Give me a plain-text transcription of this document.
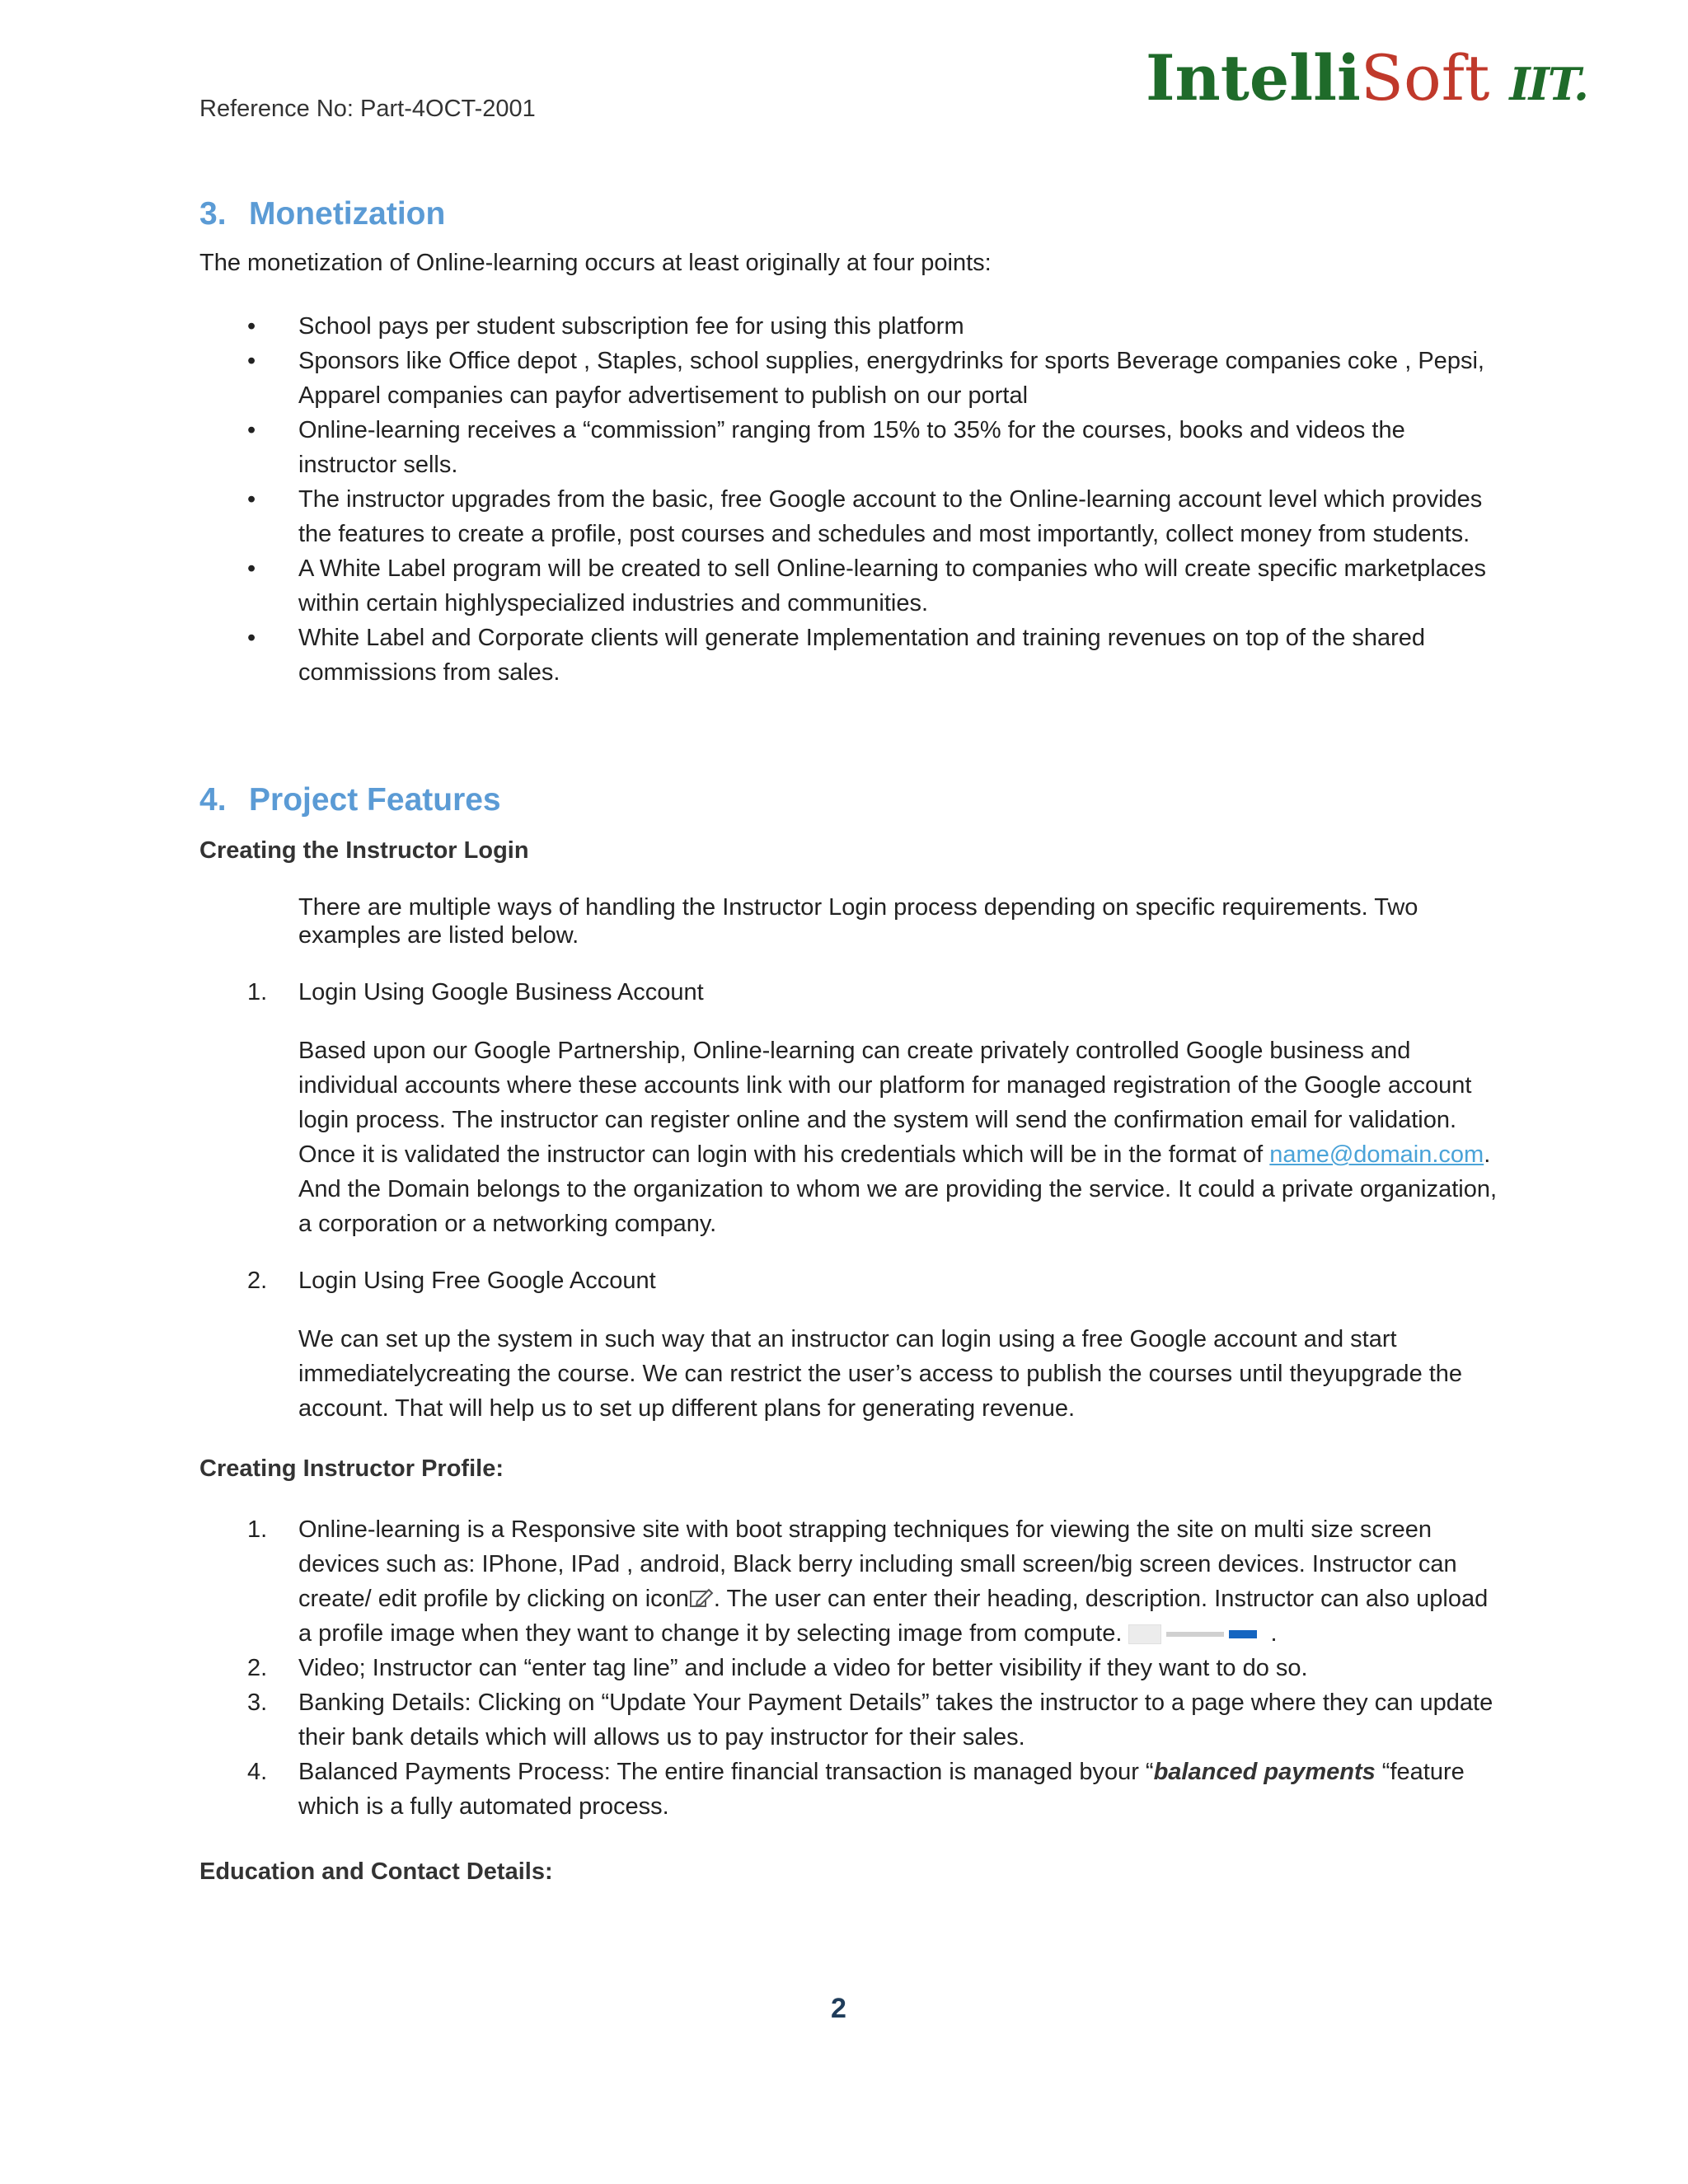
Reference No: Part-4OCT-2001	Intelli Soft IIT.
3. Monetization
The monetization of Online-learning occurs at least originally at four points:
•	School pays per student subscription fee for using this platform
•	Sponsors like Office depot , Staples, school supplies, energydrinks for sports Beverage companies coke , Pepsi, Apparel companies can payfor advertisement to publish on our portal
•	Online-learning receives a “commission” ranging from 15% to 35% for the courses, books and videos the instructor sells.
•	The instructor upgrades from the basic, free Google account to the Online-learning account level which provides the features to create a profile, post courses and schedules and most importantly, collect money from students.
•	A White Label program will be created to sell Online-learning to companies who will create specific marketplaces within certain highlyspecialized industries and communities.
•	White Label and Corporate clients will generate Implementation and training revenues on top of the shared commissions from sales.
4. Project Features
Creating the Instructor Login
There are multiple ways of handling the Instructor Login process depending on specific requirements. Two examples are listed below.
1. Login Using Google Business Account
Based upon our Google Partnership, Online-learning can create privately controlled Google business and individual accounts where these accounts link with our platform for managed registration of the Google account login process. The instructor can register online and the system will send the confirmation email for validation. Once it is validated the instructor can login with his credentials which will be in the format of name@domain.com. And the Domain belongs to the organization to whom we are providing the service. It could a private organization, a corporation or a networking company.
2. Login Using Free Google Account
We can set up the system in such way that an instructor can login using a free Google account and start immediatelycreating the course. We can restrict the user’s access to publish the courses until theyupgrade the account. That will help us to set up different plans for generating revenue.
Creating Instructor Profile:
1.	Online-learning is a Responsive site with boot strapping techniques for viewing the site on multi size screen devices such as: IPhone, IPad , android, Black berry including small screen/big screen devices. Instructor can create/ edit profile by clicking on icon . The user can enter their heading, description. Instructor can also upload a profile image when they want to change it by selecting image from compute.	.
2.	Video; Instructor can “enter tag line” and include a video for better visibility if they want to do so.
3.	Banking Details: Clicking on “Update Your Payment Details” takes the instructor to a page where they can update their bank details which will allows us to pay instructor for their sales.
4.	Balanced Payments Process: The entire financial transaction is managed byour “balanced payments “feature which is a fully automated process.
Education and Contact Details:
2
